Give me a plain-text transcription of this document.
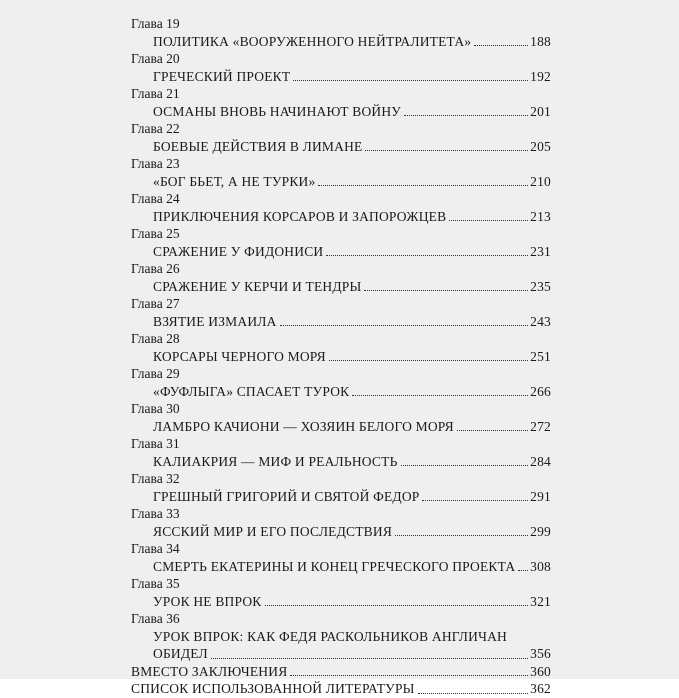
Глава 19
ПОЛИТИКА «ВООРУЖЕННОГО НЕЙТРАЛИТЕТА»	188
Глава 20
ГРЕЧЕСКИЙ ПРОЕКТ	192
Глава 21
ОСМАНЫ ВНОВЬ НАЧИНАЮТ ВОЙНУ	201
Глава 22
БОЕВЫЕ ДЕЙСТВИЯ В ЛИМАНЕ	205
Глава 23
«БОГ БЬЕТ, А НЕ ТУРКИ»	210
Глава 24
ПРИКЛЮЧЕНИЯ КОРСАРОВ И ЗАПОРОЖЦЕВ	213
Глава 25
СРАЖЕНИЕ У ФИДОНИСИ	231
Глава 26
СРАЖЕНИЕ У КЕРЧИ И ТЕНДРЫ	235
Глава 27
ВЗЯТИЕ ИЗМАИЛА	243
Глава 28
КОРСАРЫ ЧЕРНОГО МОРЯ	251
Глава 29
«ФУФЛЫГА» СПАСАЕТ ТУРОК	266
Глава 30
ЛАМБРО КАЧИОНИ — ХОЗЯИН БЕЛОГО МОРЯ	272
Глава 31
КАЛИАКРИЯ — МИФ И РЕАЛЬНОСТЬ	284
Глава 32
ГРЕШНЫЙ ГРИГОРИЙ И СВЯТОЙ ФЕДОР	291
Глава 33
ЯССКИЙ МИР И ЕГО ПОСЛЕДСТВИЯ	299
Глава 34
СМЕРТЬ ЕКАТЕРИНЫ И КОНЕЦ ГРЕЧЕСКОГО ПРОЕКТА 308
Глава 35
УРОК НЕ ВПРОК	321
Глава 36
УРОК ВПРОК: КАК ФЕДЯ РАСКОЛЬНИКОВ АНГЛИЧАН
ОБИДЕЛ	356
ВМЕСТО ЗАКЛЮЧЕНИЯ	360
СПИСОК ИСПОЛЬЗОВАННОЙ ЛИТЕРАТУРЫ	362
